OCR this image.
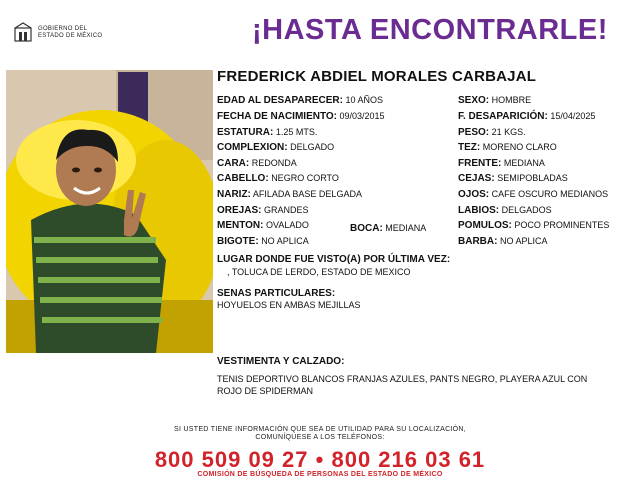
GOBIERNO DEL
ESTADO DE MÉXICO	¡HASTA ENCONTRARLE!
FREDERICK ABDIEL MORALES CARBAJAL
EDAD AL DESAPARECER: 10 AÑOS
FECHA DE NACIMIENTO: 09/03/2015
ESTATURA: 1.25 MTS.
COMPLEXION: DELGADO
CARA: REDONDA
CABELLO: NEGRO CORTO
NARIZ: AFILADA BASE DELGADA
OREJAS: GRANDES
MENTON: OVALADO	BOCA: MEDIANA
BIGOTE: NO APLICA
SEXO: HOMBRE
F. DESAPARICIÓN: 15/04/2025
PESO: 21 KGS.
TEZ: MORENO CLARO
FRENTE: MEDIANA
CEJAS: SEMIPOBLADAS
OJOS: CAFE OSCURO MEDIANOS
LABIOS: DELGADOS
POMULOS: POCO PROMINENTES
BARBA: NO APLICA
LUGAR DONDE FUE VISTO(A) POR ÚLTIMA VEZ:
, TOLUCA DE LERDO, ESTADO DE MEXICO
SENAS PARTICULARES:
HOYUELOS EN AMBAS MEJILLAS
VESTIMENTA Y CALZADO:
TENIS DEPORTIVO BLANCOS FRANJAS AZULES, PANTS NEGRO, PLAYERA AZUL CON
ROJO DE SPIDERMAN
SI USTED TIENE INFORMACIÓN QUE SEA DE UTILIDAD PARA SU LOCALIZACIÓN,
COMUNÍQUESE A LOS TELÉFONOS:
800 509 09 27 • 800 216 03 61
COMISIÓN DE BÚSQUEDA DE PERSONAS DEL ESTADO DE MÉXICO
